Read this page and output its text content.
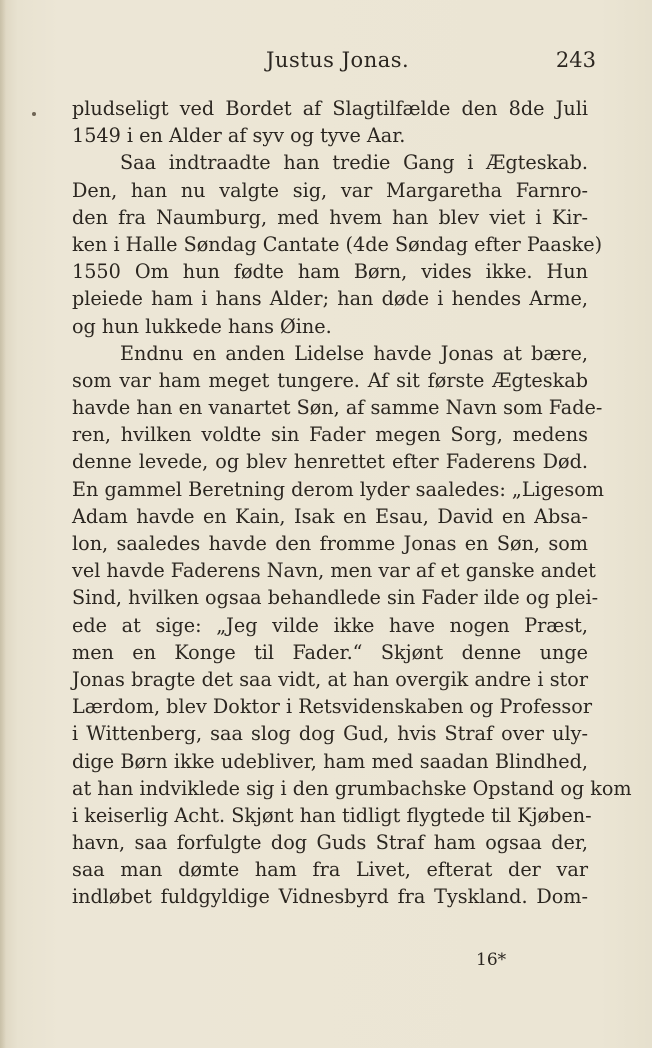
Justus Jonas.	243
pludseligt ved Bordet af Slagtilfælde den 8de Juli
1549 i en Alder af syv og tyve Aar.
Saa indtraadte han tredie Gang i Ægteskab.
Den, han nu valgte sig, var Margaretha Farnro-
den fra Naumburg, med hvem han blev viet i Kir-
ken i Halle Søndag Cantate (4de Søndag efter Paaske)
1550 Om hun fødte ham Børn, vides ikke. Hun
pleiede ham i hans Alder; han døde i hendes Arme,
og hun lukkede hans Øine.
Endnu en anden Lidelse havde Jonas at bære,
som var ham meget tungere. Af sit første Ægteskab
havde han en vanartet Søn, af samme Navn som Fade-
ren, hvilken voldte sin Fader megen Sorg, medens
denne levede, og blev henrettet efter Faderens Død.
En gammel Beretning derom lyder saaledes: „Ligesom
Adam havde en Kain, Isak en Esau, David en Absa-
lon, saaledes havde den fromme Jonas en Søn, som
vel havde Faderens Navn, men var af et ganske andet
Sind, hvilken ogsaa behandlede sin Fader ilde og plei-
ede at sige: „Jeg vilde ikke have nogen Præst,
men en Konge til Fader.“ Skjønt denne unge
Jonas bragte det saa vidt, at han overgik andre i stor
Lærdom, blev Doktor i Retsvidenskaben og Professor
i Wittenberg, saa slog dog Gud, hvis Straf over uly-
dige Børn ikke udebliver, ham med saadan Blindhed,
at han indviklede sig i den grumbachske Opstand og kom
i keiserlig Acht. Skjønt han tidligt flygtede til Kjøben-
havn, saa forfulgte dog Guds Straf ham ogsaa der,
saa man dømte ham fra Livet, efterat der var
indløbet fuldgyldige Vidnesbyrd fra Tyskland. Dom-
16*
